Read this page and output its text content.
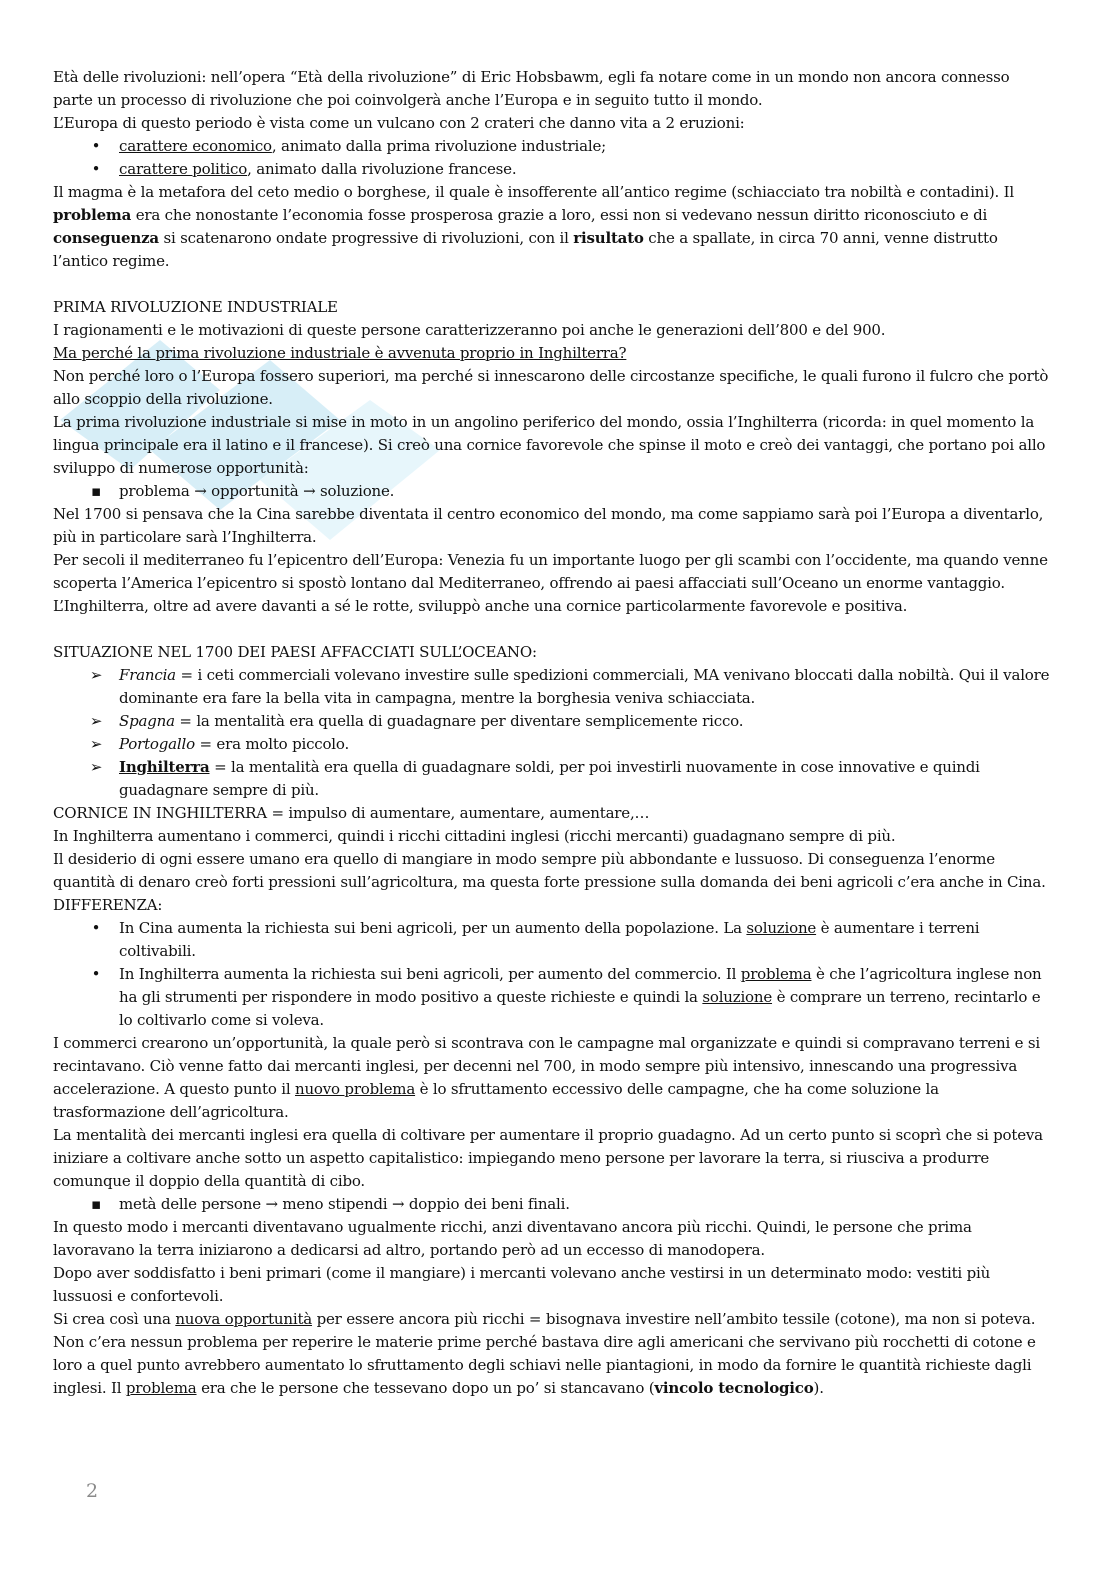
Età delle rivoluzioni: nell’opera “Età della rivoluzione” di Eric Hobsbawm, egli fa notare come in un mondo non ancora connesso parte un processo di rivoluzione che poi coinvolgerà anche l’Europa e in seguito tutto il mondo.

L’Europa di questo periodo è vista come un vulcano con 2 crateri che danno vita a 2 eruzioni:

•	carattere economico, animato dalla prima rivoluzione industriale;
•	carattere politico, animato dalla rivoluzione francese.

Il magma è la metafora del ceto medio o borghese, il quale è insofferente all’antico regime (schiacciato tra nobiltà e contadini). Il problema era che nonostante l’economia fosse prosperosa grazie a loro, essi non si vedevano nessun diritto riconosciuto e di conseguenza si scatenarono ondate progressive di rivoluzioni, con il risultato che a spallate, in circa 70 anni, venne distrutto l’antico regime.

PRIMA RIVOLUZIONE INDUSTRIALE

I ragionamenti e le motivazioni di queste persone caratterizzeranno poi anche le generazioni dell’800 e del 900.

Ma perché la prima rivoluzione industriale è avvenuta proprio in Inghilterra?

Non perché loro o l’Europa fossero superiori, ma perché si innescarono delle circostanze specifiche, le quali furono il fulcro che portò allo scoppio della rivoluzione.

La prima rivoluzione industriale si mise in moto in un angolino periferico del mondo, ossia l’Inghilterra (ricorda: in quel momento la lingua principale era il latino e il francese). Si creò una cornice favorevole che spinse il moto e creò dei vantaggi, che portano poi allo sviluppo di numerose opportunità:

▪	problema → opportunità → soluzione.

Nel 1700 si pensava che la Cina sarebbe diventata il centro economico del mondo, ma come sappiamo sarà poi l’Europa a diventarlo, più in particolare sarà l’Inghilterra.

Per secoli il mediterraneo fu l’epicentro dell’Europa: Venezia fu un importante luogo per gli scambi con l’occidente, ma quando venne scoperta l’America l’epicentro si spostò lontano dal Mediterraneo, offrendo ai paesi affacciati sull’Oceano un enorme vantaggio.

L’Inghilterra, oltre ad avere davanti a sé le rotte, sviluppò anche una cornice particolarmente favorevole e positiva.

SITUAZIONE NEL 1700 DEI PAESI AFFACCIATI SULL’OCEANO:

➢ Francia = i ceti commerciali volevano investire sulle spedizioni commerciali, MA venivano bloccati dalla nobiltà. Qui il valore dominante era fare la bella vita in campagna, mentre la borghesia veniva schiacciata.
➢ Spagna = la mentalità era quella di guadagnare per diventare semplicemente ricco.
➢ Portogallo = era molto piccolo.
➢ Inghilterra = la mentalità era quella di guadagnare soldi, per poi investirli nuovamente in cose innovative e quindi guadagnare sempre di più.

CORNICE IN INGHILTERRA = impulso di aumentare, aumentare, aumentare,…

In Inghilterra aumentano i commerci, quindi i ricchi cittadini inglesi (ricchi mercanti) guadagnano sempre di più.

Il desiderio di ogni essere umano era quello di mangiare in modo sempre più abbondante e lussuoso. Di conseguenza l’enorme quantità di denaro creò forti pressioni sull’agricoltura, ma questa forte pressione sulla domanda dei beni agricoli c’era anche in Cina.

DIFFERENZA:

•	In Cina aumenta la richiesta sui beni agricoli, per un aumento della popolazione. La soluzione è aumentare i terreni coltivabili.
•	In Inghilterra aumenta la richiesta sui beni agricoli, per aumento del commercio. Il problema è che l’agricoltura inglese non ha gli strumenti per rispondere in modo positivo a queste richieste e quindi la soluzione è comprare un terreno, recintarlo e lo coltivarlo come si voleva.

I commerci crearono un’opportunità, la quale però si scontrava con le campagne mal organizzate e quindi si compravano terreni e si recintavano. Ciò venne fatto dai mercanti inglesi, per decenni nel 700, in modo sempre più intensivo, innescando una progressiva accelerazione. A questo punto il nuovo problema è lo sfruttamento eccessivo delle campagne, che ha come soluzione la trasformazione dell’agricoltura.

La mentalità dei mercanti inglesi era quella di coltivare per aumentare il proprio guadagno. Ad un certo punto si scoprì che si poteva iniziare a coltivare anche sotto un aspetto capitalistico: impiegando meno persone per lavorare la terra, si riusciva a produrre comunque il doppio della quantità di cibo.

▪	metà delle persone → meno stipendi → doppio dei beni finali.

In questo modo i mercanti diventavano ugualmente ricchi, anzi diventavano ancora più ricchi. Quindi, le persone che prima lavoravano la terra iniziarono a dedicarsi ad altro, portando però ad un eccesso di manodopera.

Dopo aver soddisfatto i beni primari (come il mangiare) i mercanti volevano anche vestirsi in un determinato modo: vestiti più lussuosi e confortevoli.

Si crea così una nuova opportunità per essere ancora più ricchi = bisognava investire nell’ambito tessile (cotone), ma non si poteva. Non c’era nessun problema per reperire le materie prime perché bastava dire agli americani che servivano più rocchetti di cotone e loro a quel punto avrebbero aumentato lo sfruttamento degli schiavi nelle piantagioni, in modo da fornire le quantità richieste dagli inglesi. Il problema era che le persone che tessevano dopo un po’ si stancavano (vincolo tecnologico).

2
